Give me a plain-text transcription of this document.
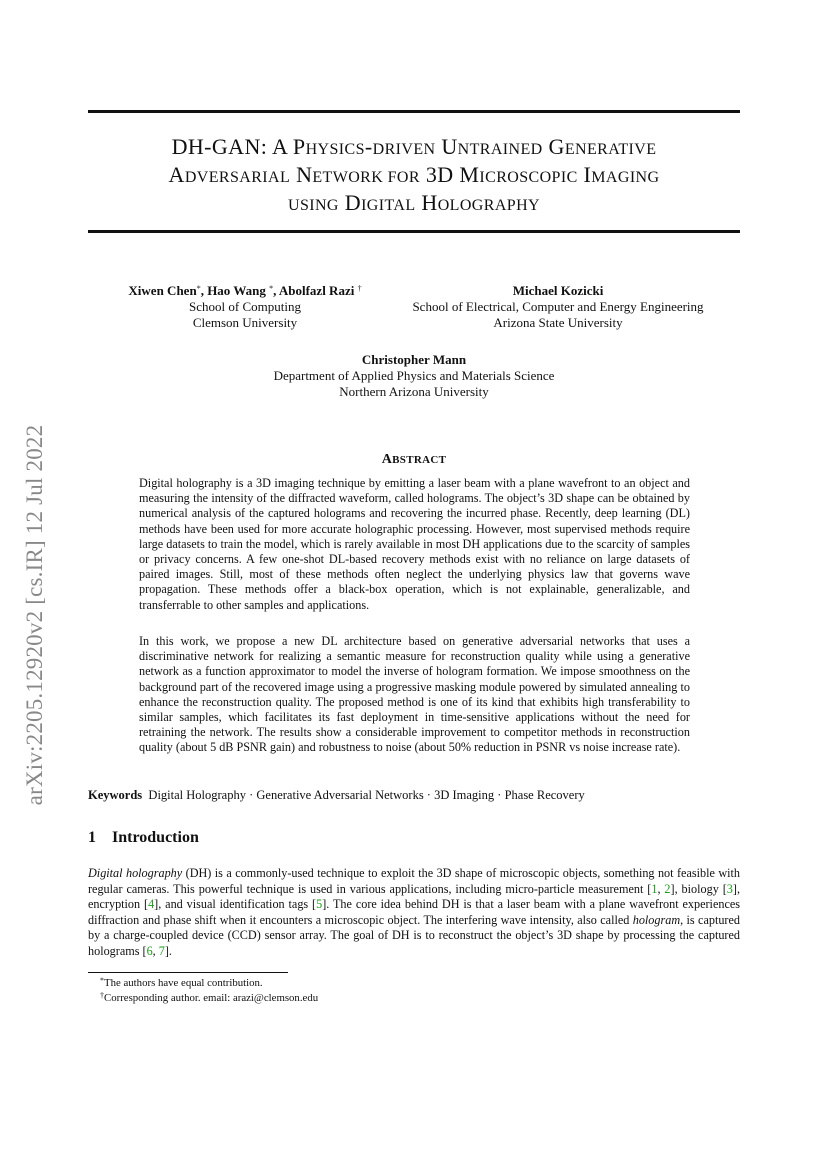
arXiv:2205.12920v2 [cs.IR] 12 Jul 2022
DH-GAN: A PHYSICS-DRIVEN UNTRAINED GENERATIVE
ADVERSARIAL NETWORK FOR 3D MICROSCOPIC IMAGING
USING DIGITAL HOLOGRAPHY
Xiwen Chen*, Hao Wang *, Abolfazl Razi †
School of Computing
Clemson University
Michael Kozicki
School of Electrical, Computer and Energy Engineering
Arizona State University
Christopher Mann
Department of Applied Physics and Materials Science
Northern Arizona University
ABSTRACT
Digital holography is a 3D imaging technique by emitting a laser beam with a plane wavefront to an object and measuring the intensity of the diffracted waveform, called holograms. The object’s 3D shape can be obtained by numerical analysis of the captured holograms and recovering the incurred phase. Recently, deep learning (DL) methods have been used for more accurate holographic processing. However, most supervised methods require large datasets to train the model, which is rarely available in most DH applications due to the scarcity of samples or privacy concerns. A few one-shot DL-based recovery methods exist with no reliance on large datasets of paired images. Still, most of these methods often neglect the underlying physics law that governs wave propagation. These methods offer a black-box operation, which is not explainable, generalizable, and transferrable to other samples and applications.
In this work, we propose a new DL architecture based on generative adversarial networks that uses a discriminative network for realizing a semantic measure for reconstruction quality while using a generative network as a function approximator to model the inverse of hologram formation. We impose smoothness on the background part of the recovered image using a progressive masking module powered by simulated annealing to enhance the reconstruction quality. The proposed method is one of its kind that exhibits high transferability to similar samples, which facilitates its fast deployment in time-sensitive applications without the need for retraining the network. The results show a considerable improvement to competitor methods in reconstruction quality (about 5 dB PSNR gain) and robustness to noise (about 50% reduction in PSNR vs noise increase rate).
Keywords Digital Holography · Generative Adversarial Networks · 3D Imaging · Phase Recovery
1 Introduction
Digital holography (DH) is a commonly-used technique to exploit the 3D shape of microscopic objects, something not feasible with regular cameras. This powerful technique is used in various applications, including micro-particle measurement [1, 2], biology [3], encryption [4], and visual identification tags [5]. The core idea behind DH is that a laser beam with a plane wavefront experiences diffraction and phase shift when it encounters a microscopic object. The interfering wave intensity, also called hologram, is captured by a charge-coupled device (CCD) sensor array. The goal of DH is to reconstruct the object’s 3D shape by processing the captured holograms [6, 7].
*The authors have equal contribution.
†Corresponding author. email: arazi@clemson.edu
